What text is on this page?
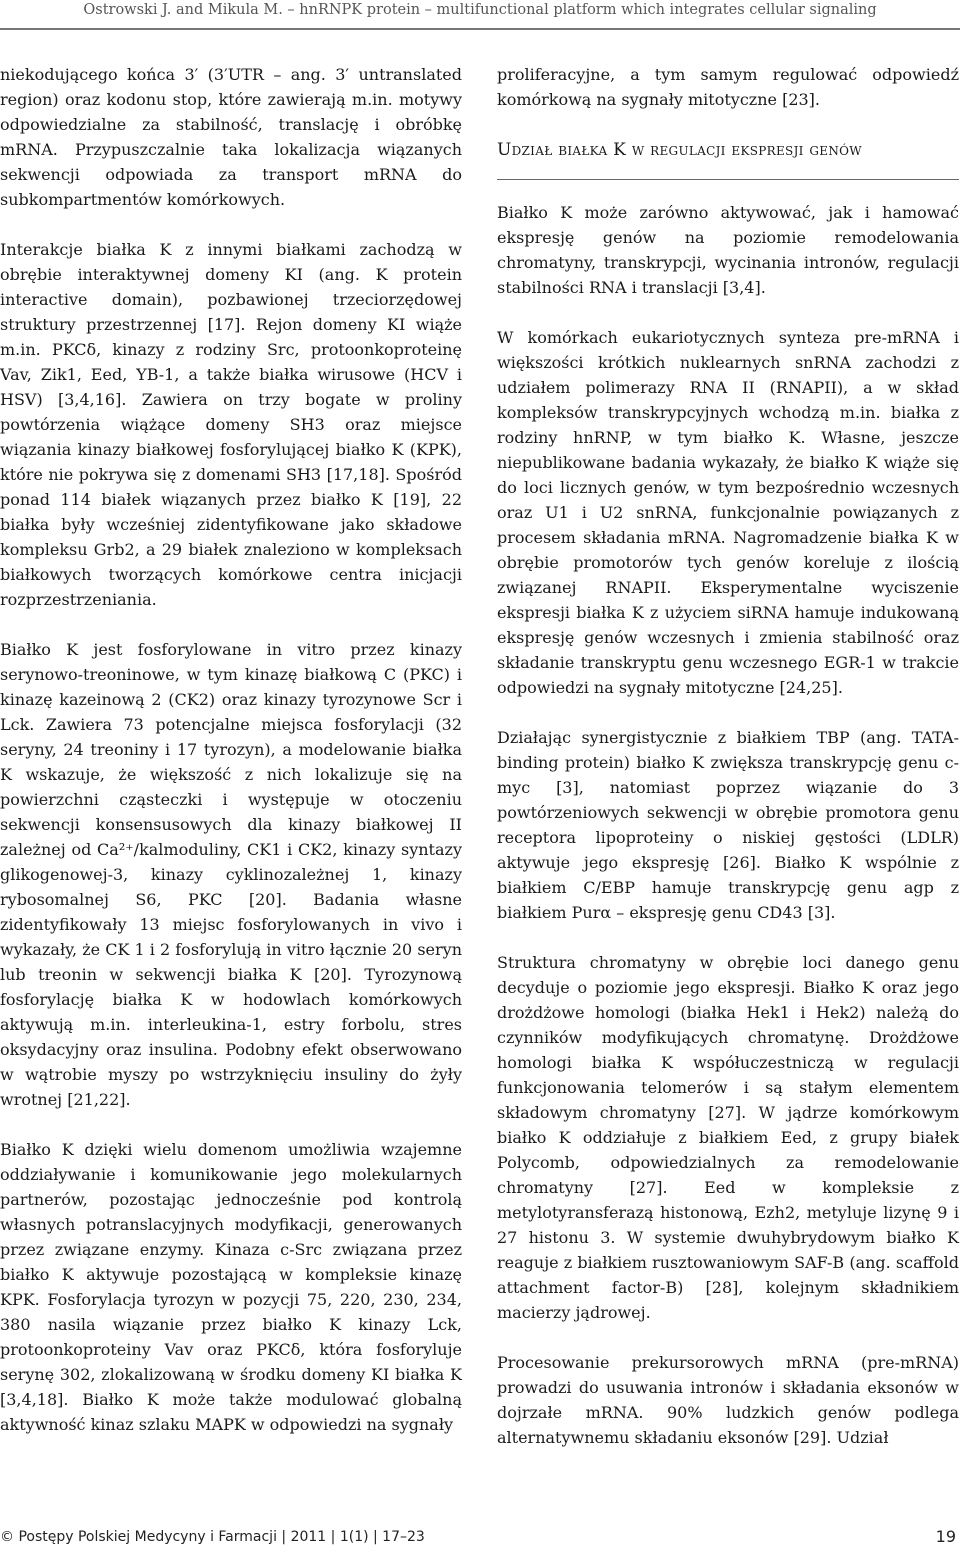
Ostrowski J. and Mikula M. – hnRNPK protein – multifunctional platform which integrates cellular signaling

niekodującego końca 3′ (3′UTR – ang. 3′ untranslated region) oraz kodonu stop, które zawierają m.in. motywy odpowiedzialne za stabilność, translację i obróbkę mRNA. Przypuszczalnie taka lokalizacja wiązanych sekwencji odpowiada za transport mRNA do subkompartmentów komórkowych.

Interakcje białka K z innymi białkami zachodzą w obrębie interaktywnej domeny KI (ang. K protein interactive domain), pozbawionej trzeciorzędowej struktury przestrzennej [17]. Rejon domeny KI wiąże m.in. PKCδ, kinazy z rodziny Src, protoonkoproteinę Vav, Zik1, Eed, YB-1, a także białka wirusowe (HCV i HSV) [3,4,16]. Zawiera on trzy bogate w proliny powtórzenia wiążące domeny SH3 oraz miejsce wiązania kinazy białkowej fosforylującej białko K (KPK), które nie pokrywa się z domenami SH3 [17,18]. Spośród ponad 114 białek wiązanych przez białko K [19], 22 białka były wcześniej zidentyfikowane jako składowe kompleksu Grb2, a 29 białek znaleziono w kompleksach białkowych tworzących komórkowe centra inicjacji rozprzestrzeniania.

Białko K jest fosforylowane in vitro przez kinazy serynowo-treoninowe, w tym kinazę białkową C (PKC) i kinazę kazeinową 2 (CK2) oraz kinazy tyrozynowe Scr i Lck. Zawiera 73 potencjalne miejsca fosforylacji (32 seryny, 24 treoniny i 17 tyrozyn), a modelowanie białka K wskazuje, że większość z nich lokalizuje się na powierzchni cząsteczki i występuje w otoczeniu sekwencji konsensusowych dla kinazy białkowej II zależnej od Ca²⁺/kalmoduliny, CK1 i CK2, kinazy syntazy glikogenowej-3, kinazy cyklinozależnej 1, kinazy rybosomalnej S6, PKC [20]. Badania własne zidentyfikowały 13 miejsc fosforylowanych in vivo i wykazały, że CK 1 i 2 fosforylują in vitro łącznie 20 seryn lub treonin w sekwencji białka K [20]. Tyrozynową fosforylację białka K w hodowlach komórkowych aktywują m.in. interleukina-1, estry forbolu, stres oksydacyjny oraz insulina. Podobny efekt obserwowano w wątrobie myszy po wstrzyknięciu insuliny do żyły wrotnej [21,22].

Białko K dzięki wielu domenom umożliwia wzajemne oddziaływanie i komunikowanie jego molekularnych partnerów, pozostając jednocześnie pod kontrolą własnych potranslacyjnych modyfikacji, generowanych przez związane enzymy. Kinaza c-Src związana przez białko K aktywuje pozostającą w kompleksie kinazę KPK. Fosforylacja tyrozyn w pozycji 75, 220, 230, 234, 380 nasila wiązanie przez białko K kinazy Lck, protoonkoproteiny Vav oraz PKCδ, która fosforyluje serynę 302, zlokalizowaną w środku domeny KI białka K [3,4,18]. Białko K może także modulować globalną aktywność kinaz szlaku MAPK w odpowiedzi na sygnały

proliferacyjne, a tym samym regulować odpowiedź komórkową na sygnały mitotyczne [23].

Udział białka K w regulacji ekspresji genów

Białko K może zarówno aktywować, jak i hamować ekspresję genów na poziomie remodelowania chromatyny, transkrypcji, wycinania intronów, regulacji stabilności RNA i translacji [3,4].

W komórkach eukariotycznych synteza pre-mRNA i większości krótkich nuklearnych snRNA zachodzi z udziałem polimerazy RNA II (RNAPII), a w skład kompleksów transkrypcyjnych wchodzą m.in. białka z rodziny hnRNP, w tym białko K. Własne, jeszcze niepublikowane badania wykazały, że białko K wiąże się do loci licznych genów, w tym bezpośrednio wczesnych oraz U1 i U2 snRNA, funkcjonalnie powiązanych z procesem składania mRNA. Nagromadzenie białka K w obrębie promotorów tych genów koreluje z ilością związanej RNAPII. Eksperymentalne wyciszenie ekspresji białka K z użyciem siRNA hamuje indukowaną ekspresję genów wczesnych i zmienia stabilność oraz składanie transkryptu genu wczesnego EGR-1 w trakcie odpowiedzi na sygnały mitotyczne [24,25].

Działając synergistycznie z białkiem TBP (ang. TATA-binding protein) białko K zwiększa transkrypcję genu c-myc [3], natomiast poprzez wiązanie do 3 powtórzeniowych sekwencji w obrębie promotora genu receptora lipoproteiny o niskiej gęstości (LDLR) aktywuje jego ekspresję [26]. Białko K wspólnie z białkiem C/EBP hamuje transkrypcję genu agp z białkiem Purα – ekspresję genu CD43 [3].

Struktura chromatyny w obrębie loci danego genu decyduje o poziomie jego ekspresji. Białko K oraz jego drożdżowe homologi (białka Hek1 i Hek2) należą do czynników modyfikujących chromatynę. Drożdżowe homologi białka K współuczestniczą w regulacji funkcjonowania telomerów i są stałym elementem składowym chromatyny [27]. W jądrze komórkowym białko K oddziałuje z białkiem Eed, z grupy białek Polycomb, odpowiedzialnych za remodelowanie chromatyny [27]. Eed w kompleksie z metylotyransferazą histonową, Ezh2, metyluje lizynę 9 i 27 histonu 3. W systemie dwuhybrydowym białko K reaguje z białkiem rusztowaniowym SAF-B (ang. scaffold attachment factor-B) [28], kolejnym składnikiem macierzy jądrowej.

Procesowanie prekursorowych mRNA (pre-mRNA) prowadzi do usuwania intronów i składania eksonów w dojrzałe mRNA. 90% ludzkich genów podlega alternatywnemu składaniu eksonów [29]. Udział

© Postępy Polskiej Medycyny i Farmacji | 2011 | 1(1) | 17–23	19
